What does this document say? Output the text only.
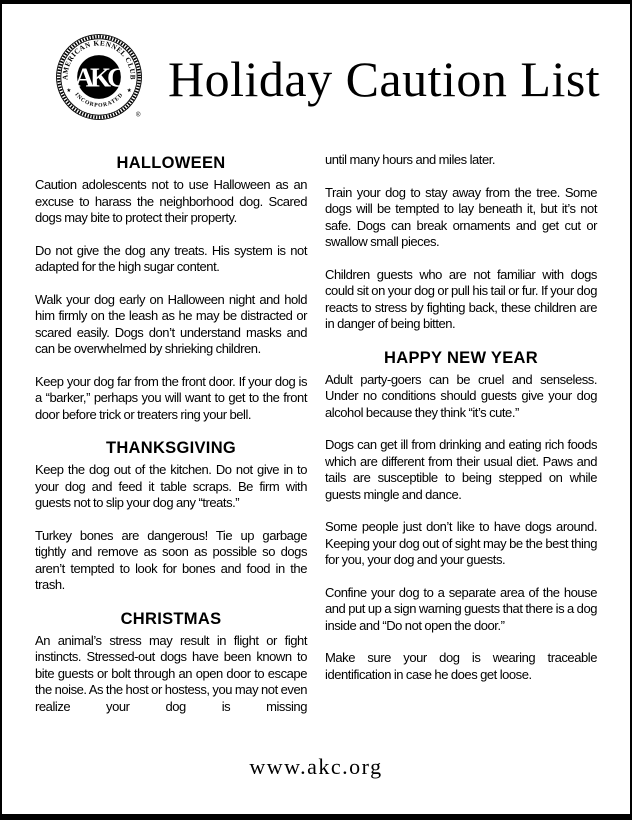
AMERICAN KENNEL CLUB
INCORPORATED
★	★
AKC
®
Holiday Caution List
HALLOWEEN

Caution adolescents not to use Halloween as an excuse to harass the neighborhood dog. Scared dogs may bite to protect their property.

Do not give the dog any treats. His system is not adapted for the high sugar content.

Walk your dog early on Halloween night and hold him firmly on the leash as he may be distracted or scared easily. Dogs don’t understand masks and can be overwhelmed by shrieking children.

Keep your dog far from the front door. If your dog is a “barker,” perhaps you will want to get to the front door before trick or treaters ring your bell.

THANKSGIVING

Keep the dog out of the kitchen. Do not give in to your dog and feed it table scraps. Be firm with guests not to slip your dog any “treats.”

Turkey bones are dangerous! Tie up garbage tightly and remove as soon as possible so dogs aren’t tempted to look for bones and food in the trash.

CHRISTMAS

An animal’s stress may result in flight or fight instincts. Stressed-out dogs have been known to bite guests or bolt through an open door to escape the noise. As the host or hostess, you may not even realize your dog is missing

until many hours and miles later.

Train your dog to stay away from the tree. Some dogs will be tempted to lay beneath it, but it’s not safe. Dogs can break ornaments and get cut or swallow small pieces.

Children guests who are not familiar with dogs could sit on your dog or pull his tail or fur. If your dog reacts to stress by fighting back, these children are in danger of being bitten.

HAPPY NEW YEAR

Adult party-goers can be cruel and senseless. Under no conditions should guests give your dog alcohol because they think “it’s cute.”

Dogs can get ill from drinking and eating rich foods which are different from their usual diet. Paws and tails are susceptible to being stepped on while guests mingle and dance.

Some people just don’t like to have dogs around. Keeping your dog out of sight may be the best thing for you, your dog and your guests.

Confine your dog to a separate area of the house and put up a sign warning guests that there is a dog inside and “Do not open the door.”

Make sure your dog is wearing traceable identification in case he does get loose.

www.akc.org
